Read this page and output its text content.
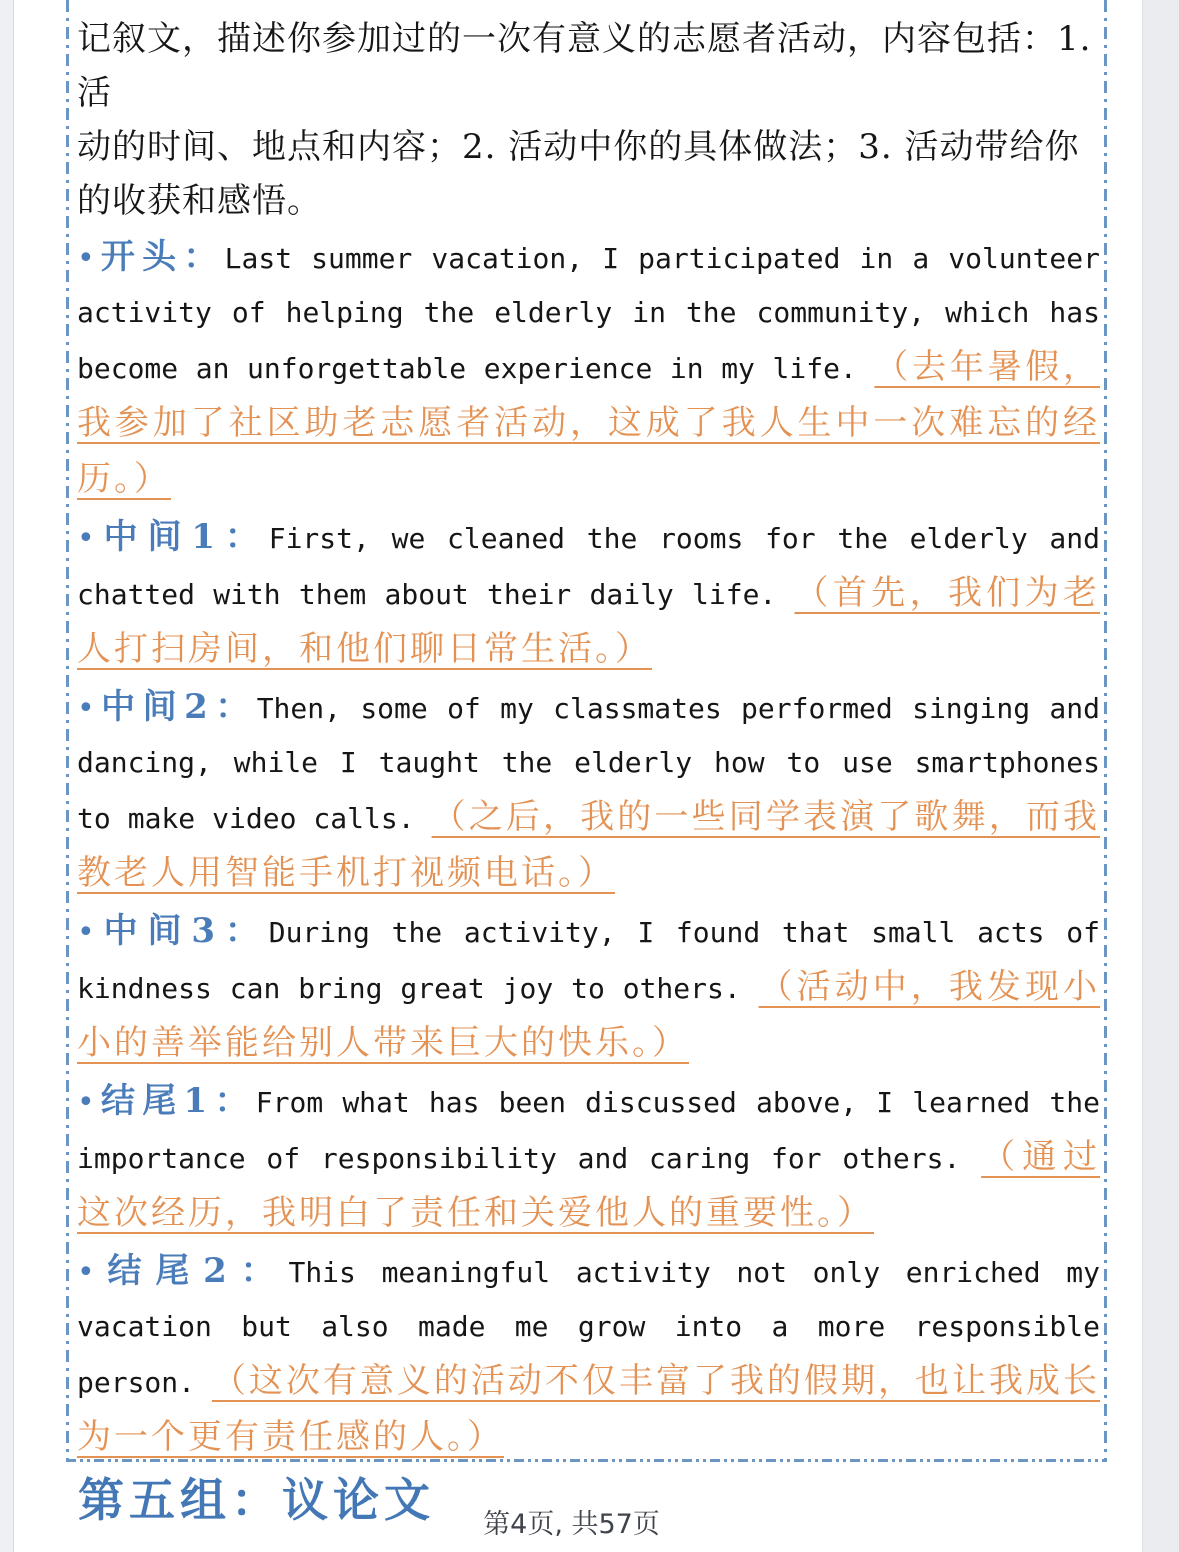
记叙文，描述你参加过的一次有意义的志愿者活动，内容包括：1.
活
动的时间、地点和内容；2. 活动中你的具体做法；3. 活动带给你
的收获和感悟。

• 开头：Last summer vacation, I participated in a volunteer activity of helping the elderly in the community, which has become an unforgettable experience in my life. （去年暑假，我参加了社区助老志愿者活动，这成了我人生中一次难忘的经历。）

• 中间1：First, we cleaned the rooms for the elderly and chatted with them about their daily life. （首先，我们为老人打扫房间，和他们聊日常生活。）

• 中间2：Then, some of my classmates performed singing and dancing, while I taught the elderly how to use smartphones to make video calls. （之后，我的一些同学表演了歌舞，而我教老人用智能手机打视频电话。）

• 中间3：During the activity, I found that small acts of kindness can bring great joy to others. （活动中，我发现小小的善举能给别人带来巨大的快乐。）

• 结尾1：From what has been discussed above, I learned the importance of responsibility and caring for others. （通过这次经历，我明白了责任和关爱他人的重要性。）

• 结尾2：This meaningful activity not only enriched my vacation but also made me grow into a more responsible person. （这次有意义的活动不仅丰富了我的假期，也让我成长为一个更有责任感的人。）

第五组：议论文	第4页, 共57页
